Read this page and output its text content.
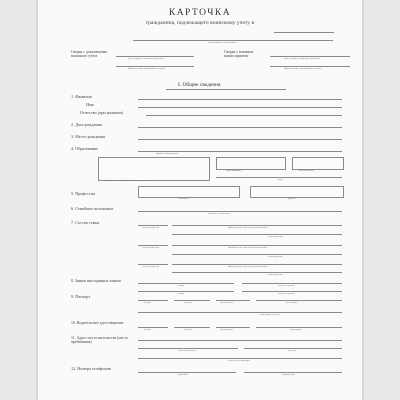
КАРТОЧКА
гражданина, подлежащего воинскому учету в
(наименование организации)
Сверка с документами воинского учета
(дата, подпись, инициалы, фамилия)
(фамилия лица, проводившего сверку)
Сверка с военным комиссариатом
(дата, подпись, инициалы, фамилия)
(фамилия лица, проводившего сверку)
I. Общие сведения
1. Фамилия
Имя
Отчество (при наличии)
2. Дата рождения
3. Место рождения
4. Образование
(уровень образования)
(квалификация)	(специальность)
(наименование образовательной организации)	(код)
5. Профессия
(основная)	(другие)
6. Семейное положение
(семейное положение)
7. Состав семьи
(степень родства)	(фамилия, имя, отчество (при наличии))
(год рождения)
(степень родства)	(фамилия, имя, отчество (при наличии))
(год рождения)
(степень родства)	(фамилия, имя, отчество (при наличии))
(год рождения)
8. Знание иностранных языков
(язык)	(степень знания)
(язык)	(степень знания)
9. Паспорт
(серия)	(номер)	(дата выдачи)	(кем выдан)
(код подразделения)
10. Водительское удостоверение
(серия)	(номер)	(дата выдачи)	(категория)
11. Адрес места жительства (места пребывания)
(почтовый индекс)	(регион)
(улица, дом, квартира)
12. Номера телефонов
(рабочий)	(мобильный)
